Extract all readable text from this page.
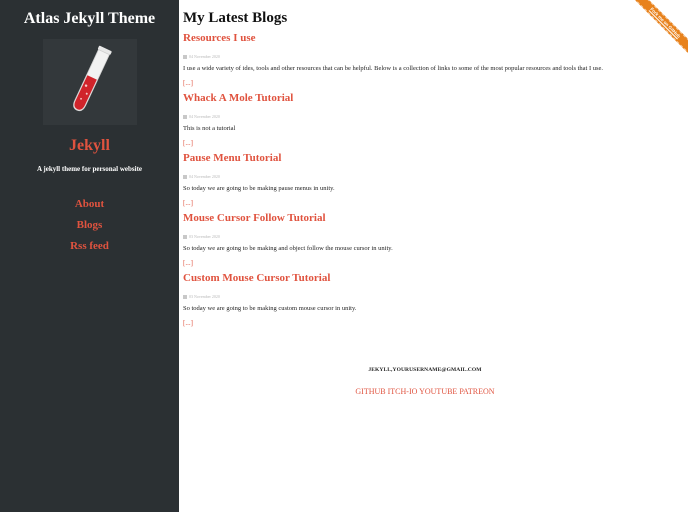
Atlas Jekyll Theme
Jekyll
A jekyll theme for personal website
About
Blogs
Rss feed
My Latest Blogs
Resources I use
04 November 2020

I use a wide variety of ides, tools and other resources that can be helpful. Below is a collection of links to some of the most popular resources and tools that I use.

[...]
Whack A Mole Tutorial
04 November 2020

This is not a tutorial

[...]
Pause Menu Tutorial
04 November 2020

So today we are going to be making pause menus in unity.

[...]
Mouse Cursor Follow Tutorial
03 November 2020

So today we are going to be making and object follow the mouse cursor in unity.

[...]
Custom Mouse Cursor Tutorial
03 November 2020

So today we are going to be making custom mouse cursor in unity.

[...]
JEKYLL,YOURUSERNAME@GMAIL.COM
GITHUB ITCH-IO YOUTUBE PATREON
Fork me on GitHub
